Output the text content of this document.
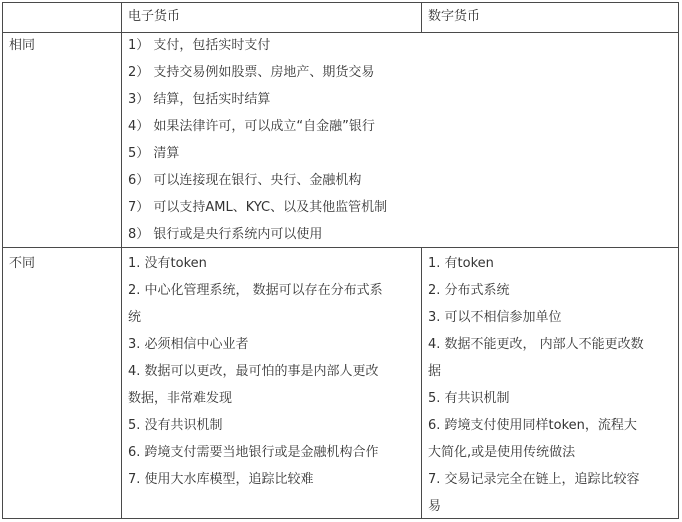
电子货币	数字货币
相同
不同
1） 支付，包括实时支付
2） 支持交易例如股票、房地产、期货交易
3） 结算，包括实时结算
4） 如果法律许可，可以成立“自金融”银行
5） 清算
6） 可以连接现在银行、央行、金融机构
7） 可以支持AML、KYC、以及其他监管机制
8） 银行或是央行系统内可以使用
1. 没有token
2. 中心化管理系统， 数据可以存在分布式系
统
3. 必须相信中心业者
4. 数据可以更改，最可怕的事是内部人更改
数据，非常难发现
5. 没有共识机制
6. 跨境支付需要当地银行或是金融机构合作
7. 使用大水库模型，追踪比较难
1. 有token
2. 分布式系统
3. 可以不相信参加单位
4. 数据不能更改， 内部人不能更改数
据
5. 有共识机制
6. 跨境支付使用同样token，流程大
大简化,或是使用传统做法
7. 交易记录完全在链上，追踪比较容
易
